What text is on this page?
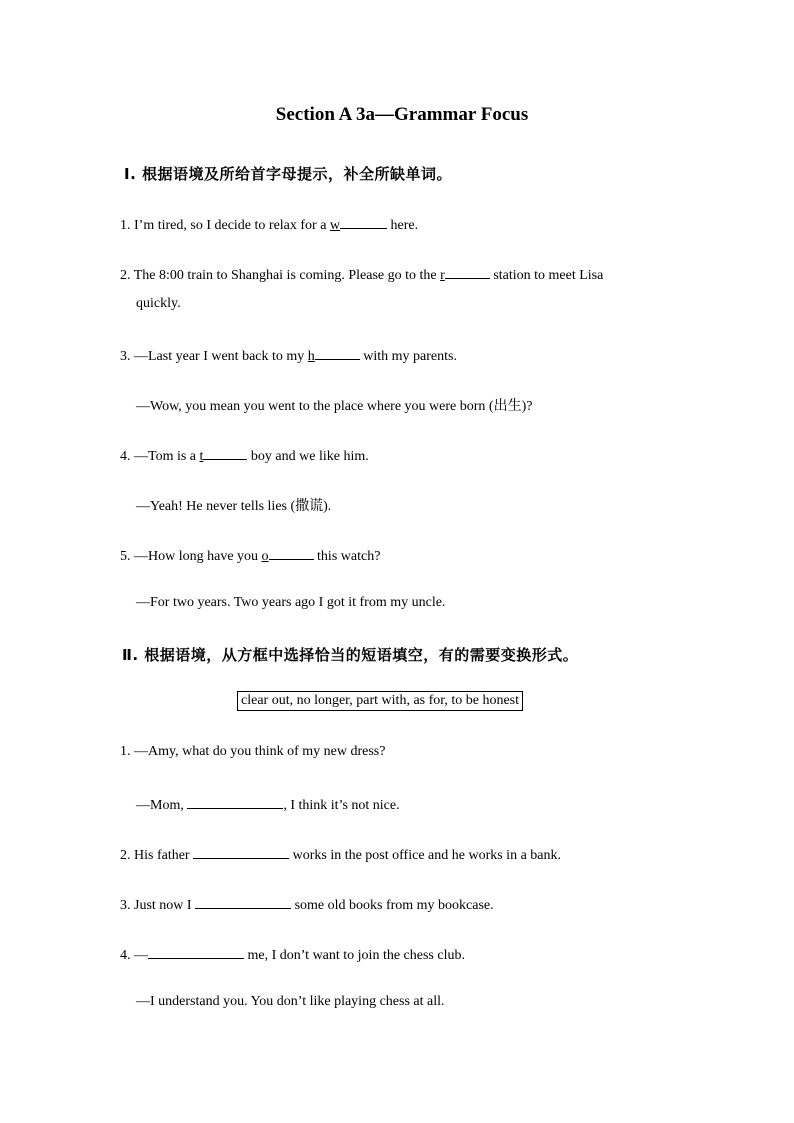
Section A 3a—Grammar Focus
Ⅰ. 根据语境及所给首字母提示，补全所缺单词。
1. I’m tired, so I decide to relax for a w	here.
2. The 8:00 train to Shanghai is coming. Please go to the r	station to meet Lisa
quickly.
3. —Last year I went back to my h	with my parents.
—Wow, you mean you went to the place where you were born (出生)?
4. —Tom is a t	boy and we like him.
—Yeah! He never tells lies (撒谎).
5. —How long have you o	this watch?
—For two years. Two years ago I got it from my uncle.
Ⅱ. 根据语境，从方框中选择恰当的短语填空，有的需要变换形式。
clear out, no longer, part with, as for, to be honest
1. —Amy, what do you think of my new dress?
—Mom,	, I think it’s not nice.
2. His father	works in the post office and he works in a bank.
3. Just now I	some old books from my bookcase.
4. —	me, I don’t want to join the chess club.
—I understand you. You don’t like playing chess at all.
